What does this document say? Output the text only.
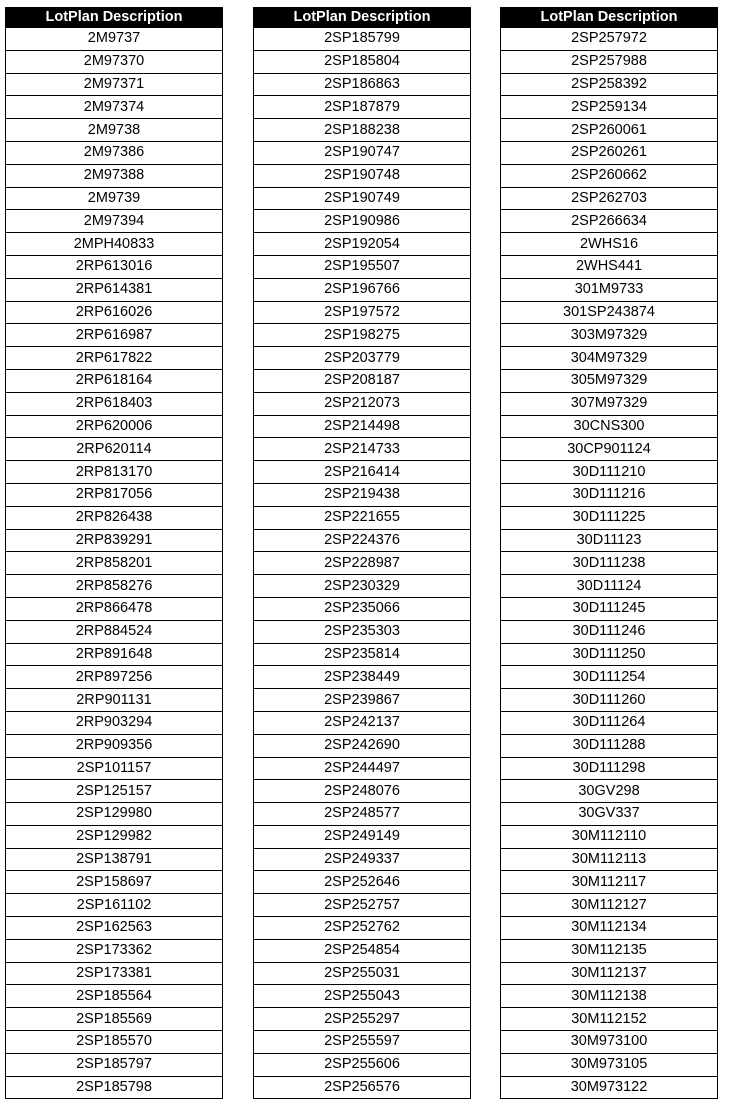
LotPlan Description
2M9737
2M97370
2M97371
2M97374
2M9738
2M97386
2M97388
2M9739
2M97394
2MPH40833
2RP613016
2RP614381
2RP616026
2RP616987
2RP617822
2RP618164
2RP618403
2RP620006
2RP620114
2RP813170
2RP817056
2RP826438
2RP839291
2RP858201
2RP858276
2RP866478
2RP884524
2RP891648
2RP897256
2RP901131
2RP903294
2RP909356
2SP101157
2SP125157
2SP129980
2SP129982
2SP138791
2SP158697
2SP161102
2SP162563
2SP173362
2SP173381
2SP185564
2SP185569
2SP185570
2SP185797
2SP185798
LotPlan Description
2SP185799
2SP185804
2SP186863
2SP187879
2SP188238
2SP190747
2SP190748
2SP190749
2SP190986
2SP192054
2SP195507
2SP196766
2SP197572
2SP198275
2SP203779
2SP208187
2SP212073
2SP214498
2SP214733
2SP216414
2SP219438
2SP221655
2SP224376
2SP228987
2SP230329
2SP235066
2SP235303
2SP235814
2SP238449
2SP239867
2SP242137
2SP242690
2SP244497
2SP248076
2SP248577
2SP249149
2SP249337
2SP252646
2SP252757
2SP252762
2SP254854
2SP255031
2SP255043
2SP255297
2SP255597
2SP255606
2SP256576
LotPlan Description
2SP257972
2SP257988
2SP258392
2SP259134
2SP260061
2SP260261
2SP260662
2SP262703
2SP266634
2WHS16
2WHS441
301M9733
301SP243874
303M97329
304M97329
305M97329
307M97329
30CNS300
30CP901124
30D111210
30D111216
30D111225
30D11123
30D111238
30D11124
30D111245
30D111246
30D111250
30D111254
30D111260
30D111264
30D111288
30D111298
30GV298
30GV337
30M112110
30M112113
30M112117
30M112127
30M112134
30M112135
30M112137
30M112138
30M112152
30M973100
30M973105
30M973122
